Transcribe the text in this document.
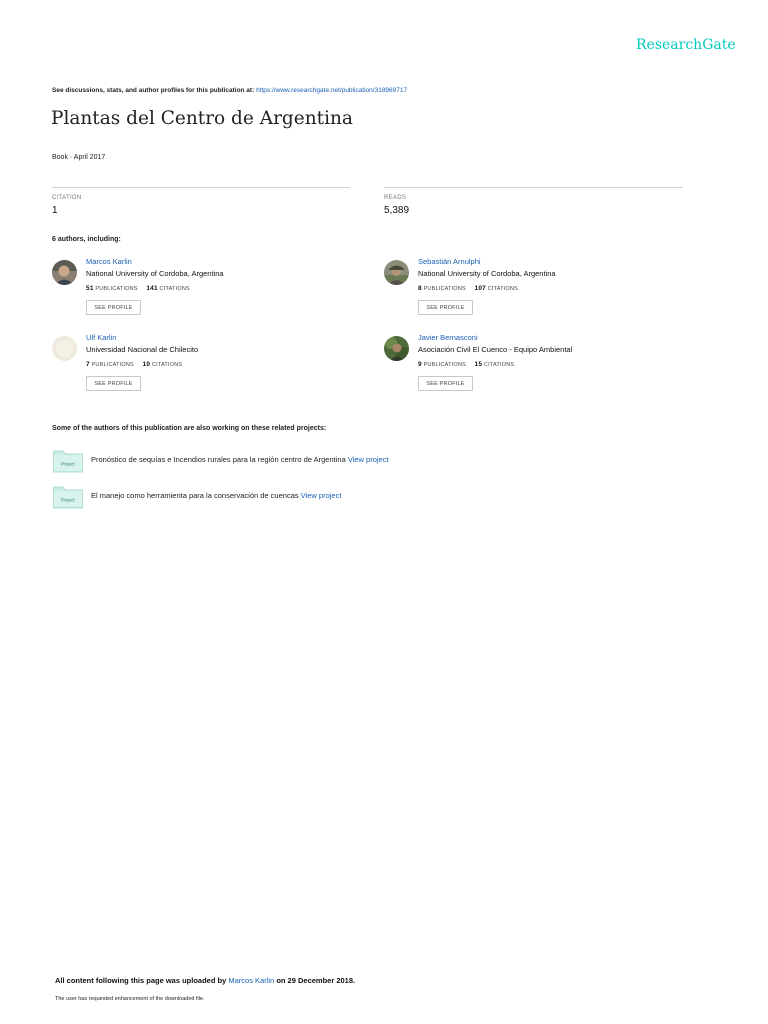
ResearchGate
See discussions, stats, and author profiles for this publication at: https://www.researchgate.net/publication/318969717
Plantas del Centro de Argentina
Book · April 2017
CITATION
1
READS
5,389
6 authors, including:
Marcos Karlin
National University of Cordoba, Argentina
51 PUBLICATIONS 141 CITATIONS
SEE PROFILE
Sebastián Arnulphi
National University of Cordoba, Argentina
8 PUBLICATIONS 107 CITATIONS
SEE PROFILE
Ulf Karlin
Universidad Nacional de Chilecito
7 PUBLICATIONS 10 CITATIONS
SEE PROFILE
Javier Bernasconi
Asociación Civil El Cuenco - Equipo Ambiental
9 PUBLICATIONS 15 CITATIONS
SEE PROFILE
Some of the authors of this publication are also working on these related projects:
Project Pronóstico de sequías e Incendios rurales para la región centro de Argentina View project
Project El manejo como herramienta para la conservación de cuencas View project
All content following this page was uploaded by Marcos Karlin on 29 December 2018.
The user has requested enhancement of the downloaded file.
